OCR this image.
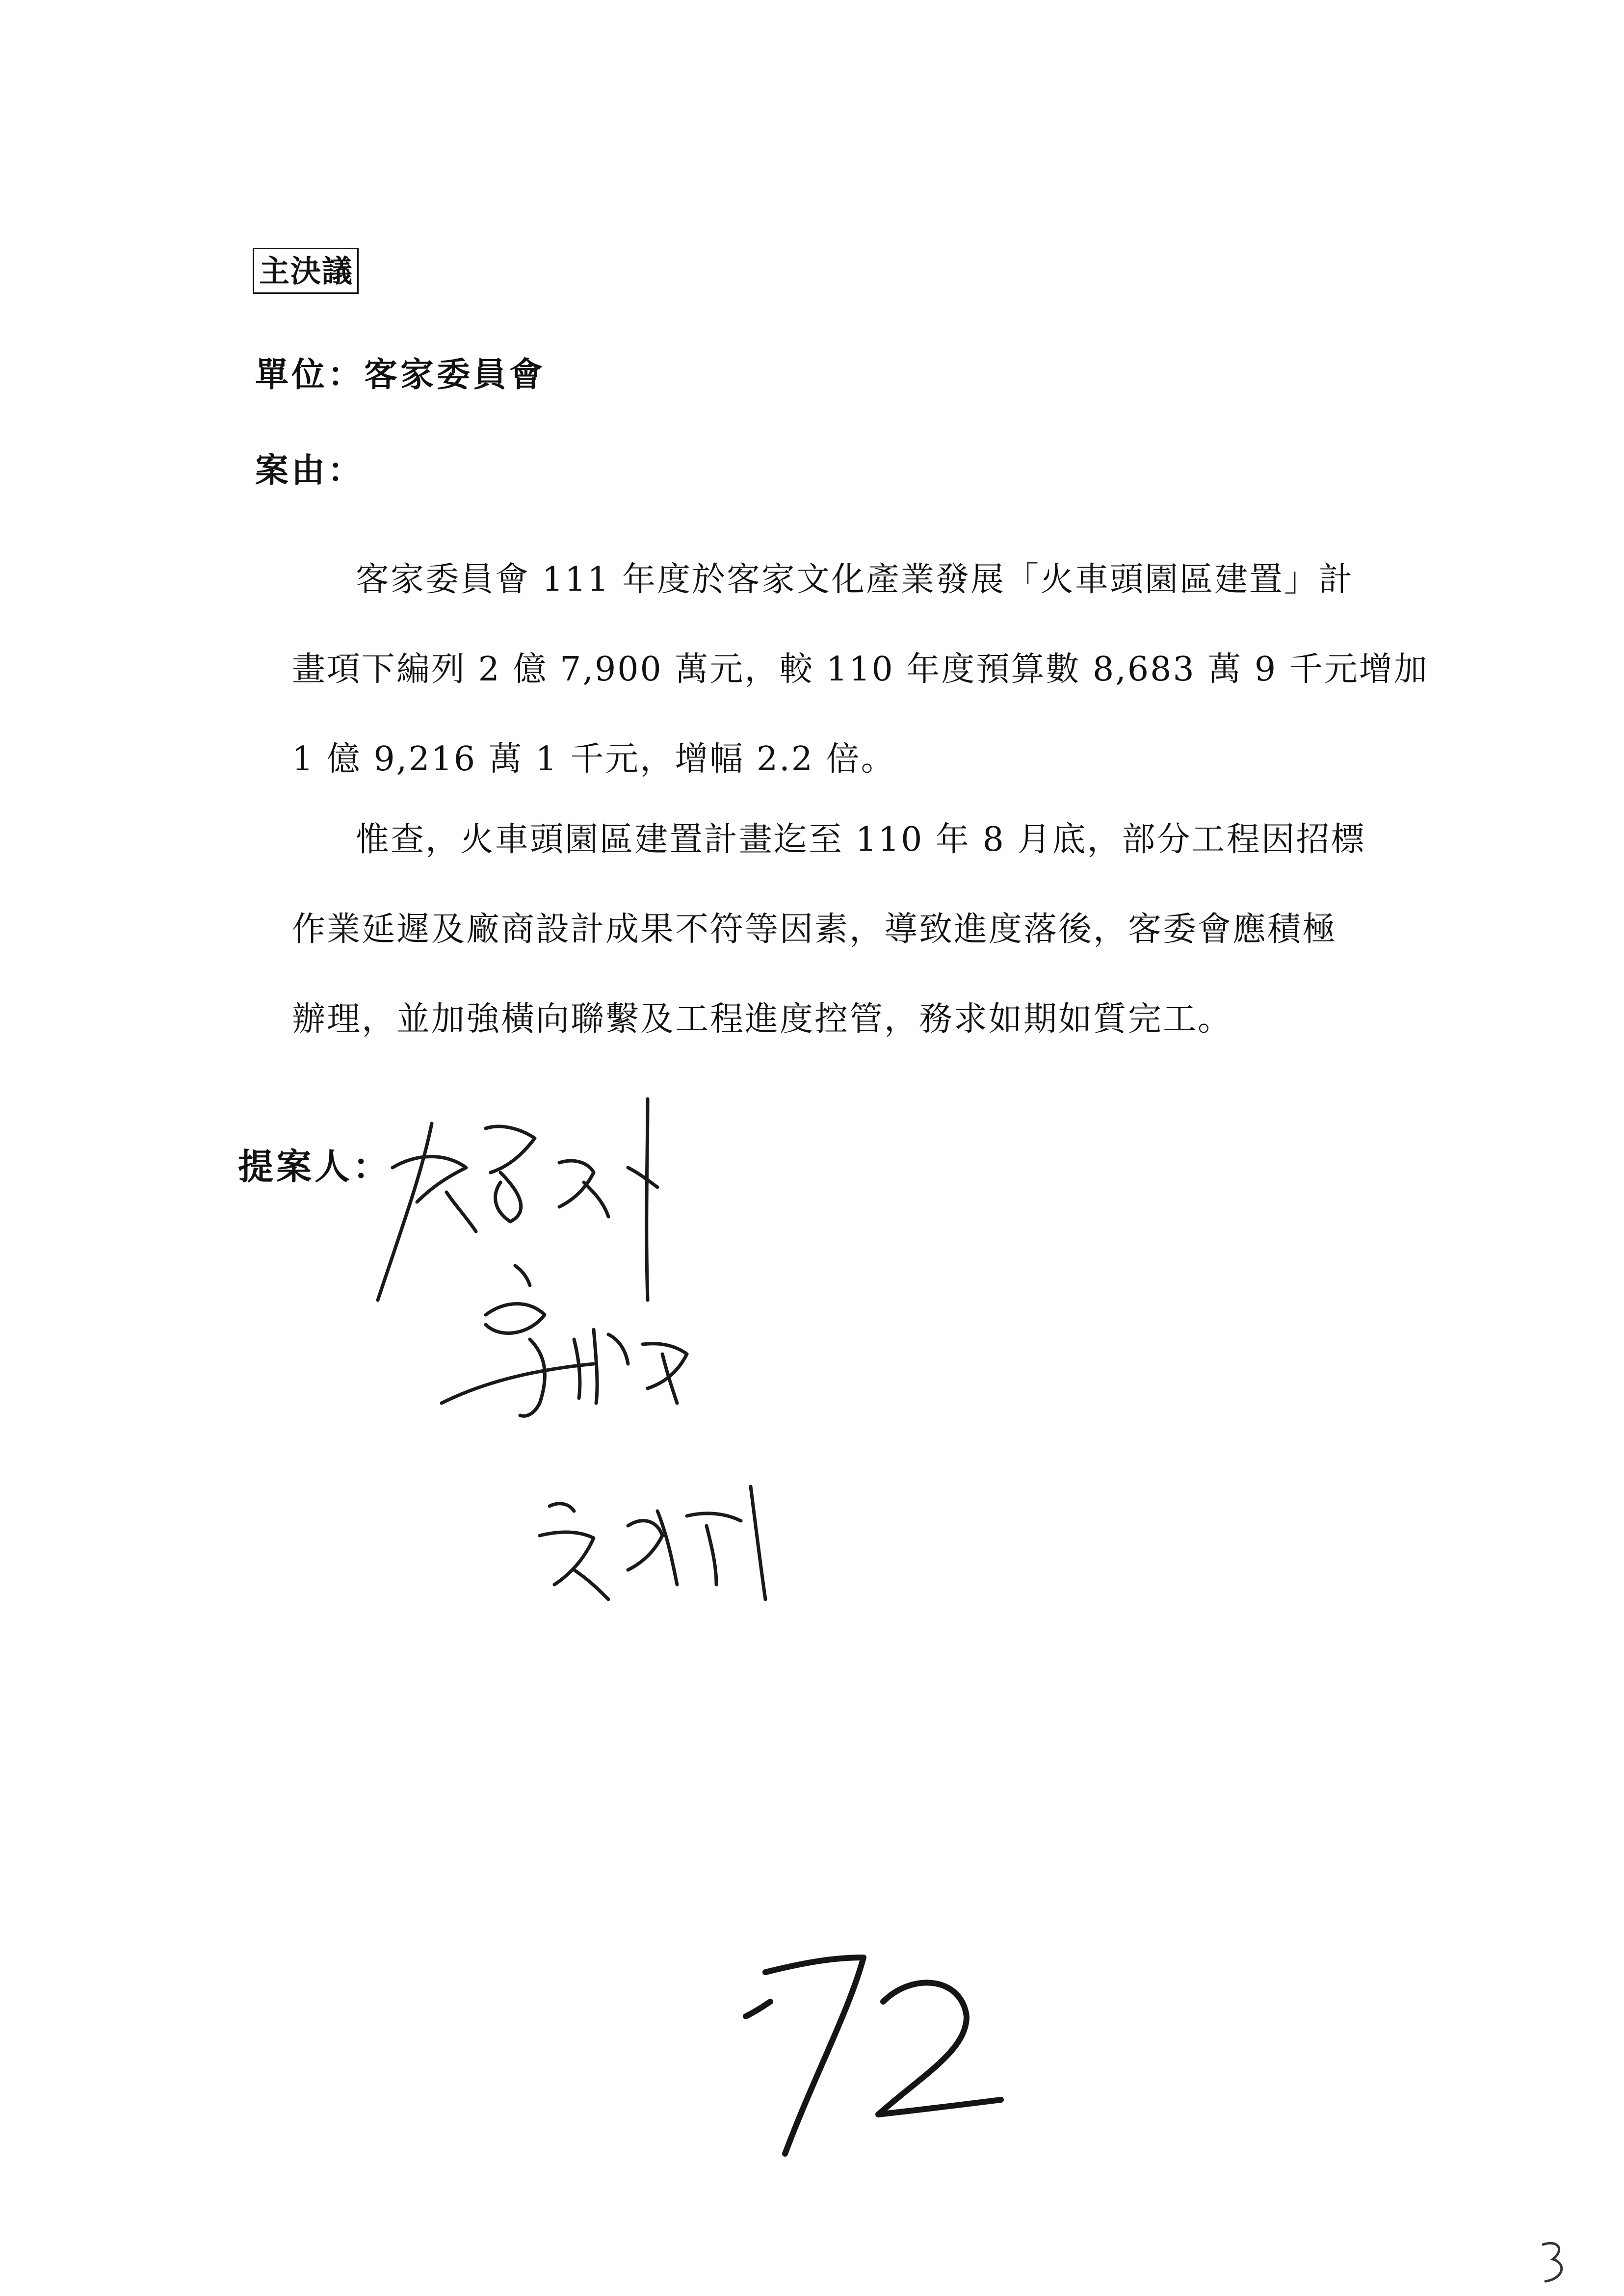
主決議
單位：客家委員會
案由：
客家委員會 111 年度於客家文化產業發展「火車頭園區建置」計
畫項下編列 2 億 7,900 萬元，較 110 年度預算數 8,683 萬 9 千元增加
1 億 9,216 萬 1 千元，增幅 2.2 倍。
惟查，火車頭園區建置計畫迄至 110 年 8 月底，部分工程因招標
作業延遲及廠商設計成果不符等因素，導致進度落後，客委會應積極
辦理，並加強橫向聯繫及工程進度控管，務求如期如質完工。
提案人：
